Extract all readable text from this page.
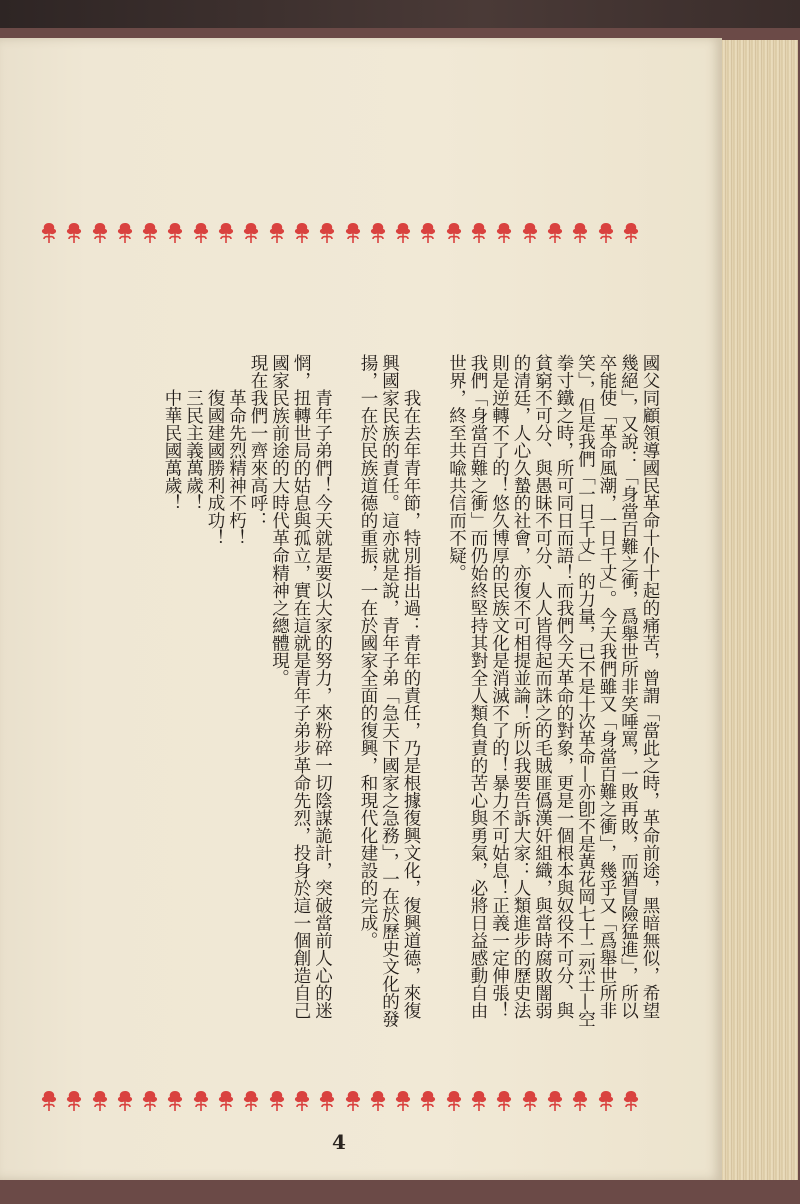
國父同顧領導國民革命十仆十起的痛苦，曾謂「當此之時，革命前途，黑暗無似，希望幾絕」，又說：「身當百難之衝，爲舉世所非笑唾罵，一敗再敗，而猶冒險猛進」，所以卒能使「革命風潮，一日千丈」。今天我們雖又「身當百難之衝」，幾乎又「爲舉世所非笑」，但是我們「一日千丈」的力量，已不是十次革命—亦卽不是黃花岡七十二烈士—空拳寸鐵之時，所可同日而語！而我們今天革命的對象，更是一個根本與奴役不可分、與貧窮不可分、與愚昧不可分、人人皆得起而誅之的毛賊匪僞漢奸組織，與當時腐敗闇弱的清廷，人心久蟄的社會，亦復不可相提並論！所以我要告訴大家：人類進步的歷史法則是逆轉不了的！悠久博厚的民族文化是消滅不了的！暴力不可姑息！正義一定伸張！我們「身當百難之衝」而仍始終堅持其對全人類負責的苦心與勇氣，必將日益感動自由世界，終至共喩共信而不疑。

我在去年青年節，特別指出過：青年的責任，乃是根據復興文化，復興道德，來復興國家民族的責任。這亦就是說，青年子弟「急天下國家之急務」，一在於歷史文化的發揚，一在於民族道德的重振，一在於國家全面的復興，和現代化建設的完成。

青年子弟們！今天就是要以大家的努力，來粉碎一切陰謀詭計，突破當前人心的迷惘，扭轉世局的姑息與孤立，實在這就是青年子弟步革命先烈，投身於這一個創造自己國家民族前途的大時代革命精神之總體現。

現在我們一齊來高呼：

革命先烈精神不朽！

復國建國勝利成功！

三民主義萬歲！

中華民國萬歲！

4
